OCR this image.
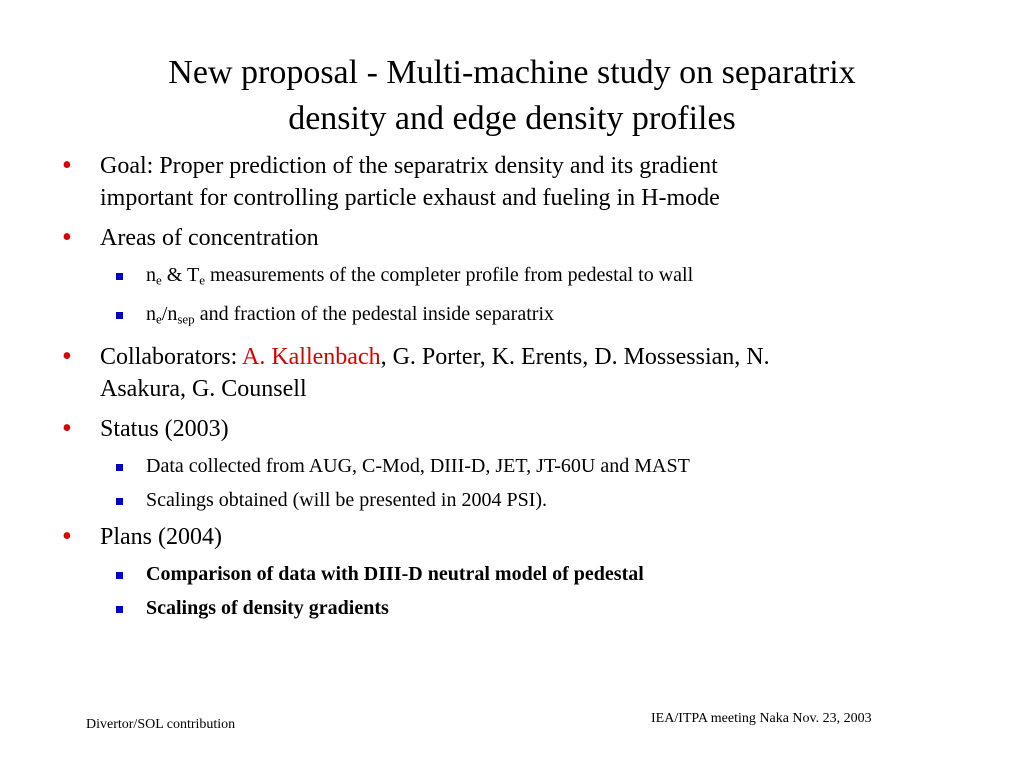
New proposal - Multi-machine study on separatrix
density and edge density profiles
• Goal: Proper prediction of the separatrix density and its gradient
important for controlling particle exhaust and fueling in H-mode
• Areas of concentration
$n_e$ & $T_e$ measurements of the completer profile from pedestal to wall
$n_e/n_{sep}$ and fraction of the pedestal inside separatrix
• Collaborators: A. Kallenbach, G. Porter, K. Erents, D. Mossessian, N.
Asakura, G. Counsell
• Status (2003)
Data collected from AUG, C-Mod, DIII-D, JET, JT-60U and MAST
Scalings obtained (will be presented in 2004 PSI).
• Plans (2004)
Comparison of data with DIII-D neutral model of pedestal
Scalings of density gradients
Divertor/SOL contribution	IEA/ITPA meeting Naka Nov. 23, 2003
